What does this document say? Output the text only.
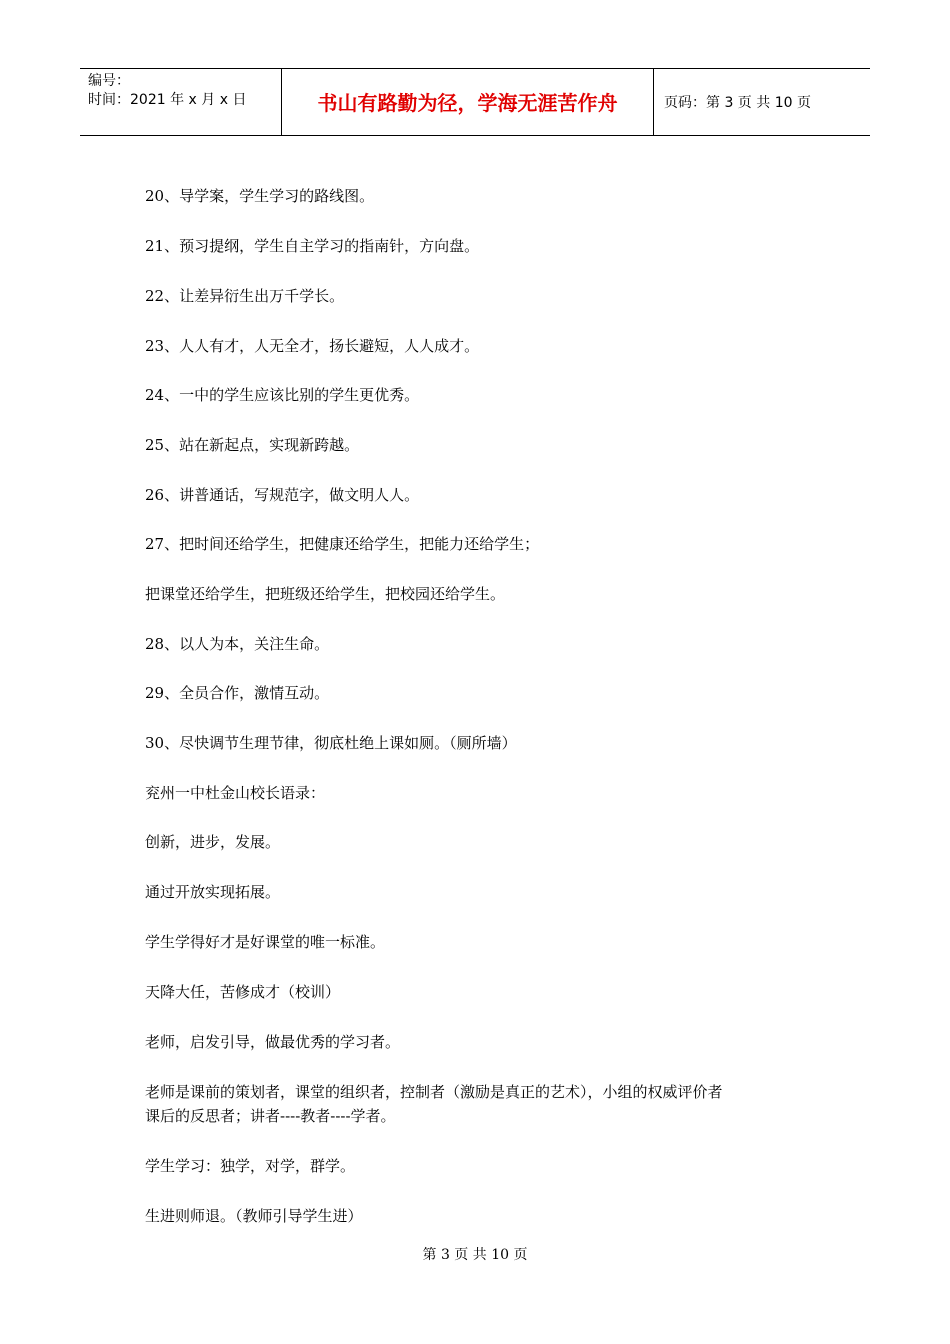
编号：
时间：2021 年 x 月 x 日	书山有路勤为径，学海无涯苦作舟	页码：第 3 页 共 10 页
20、导学案，学生学习的路线图。
21、预习提纲，学生自主学习的指南针，方向盘。
22、让差异衍生出万千学长。
23、人人有才，人无全才，扬长避短，人人成才。
24、一中的学生应该比别的学生更优秀。
25、站在新起点，实现新跨越。
26、讲普通话，写规范字，做文明人人。
27、把时间还给学生，把健康还给学生，把能力还给学生；
把课堂还给学生，把班级还给学生，把校园还给学生。
28、以人为本，关注生命。
29、全员合作，激情互动。
30、尽快调节生理节律，彻底杜绝上课如厕。（厕所墙）
兖州一中杜金山校长语录：
创新，进步，发展。
通过开放实现拓展。
学生学得好才是好课堂的唯一标准。
天降大任，苦修成才（校训）
老师，启发引导，做最优秀的学习者。
老师是课前的策划者，课堂的组织者，控制者（激励是真正的艺术），小组的权威评价者
课后的反思者；讲者----教者----学者。
学生学习：独学，对学，群学。
生进则师退。（教师引导学生进）
第 3 页 共 10 页
